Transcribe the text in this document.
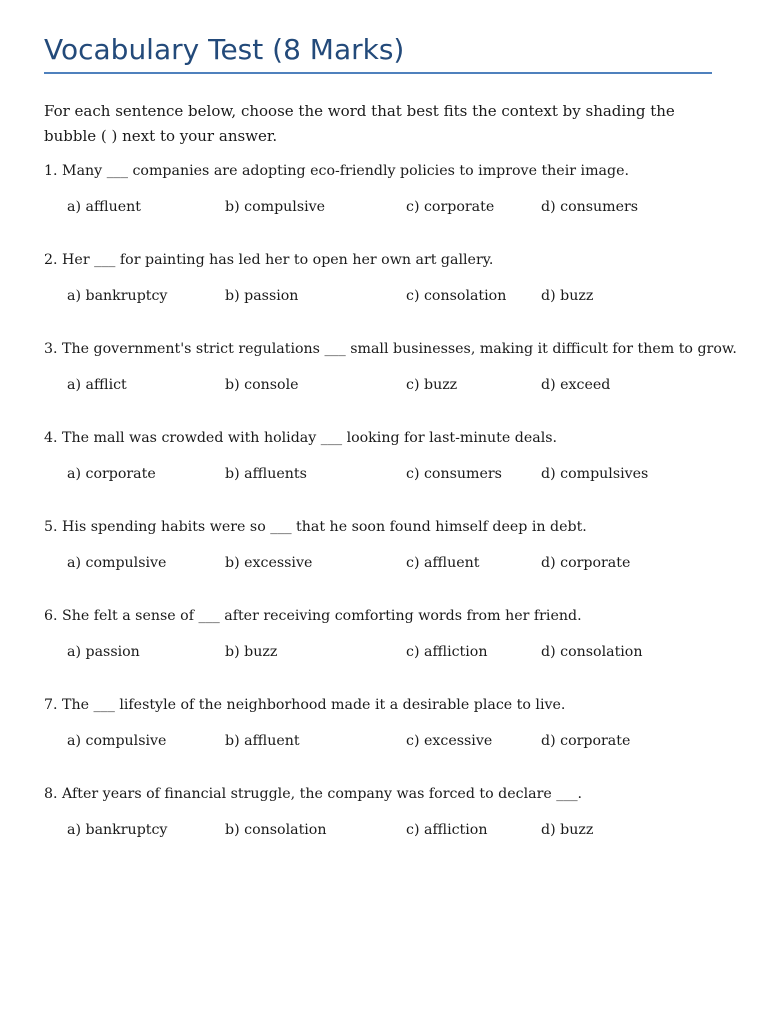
Vocabulary Test (8 Marks)

For each sentence below, choose the word that best fits the context by shading the bubble ( ) next to your answer.

1. Many ___ companies are adopting eco-friendly policies to improve their image.
a) affluent	b) compulsive	c) corporate	d) consumers
2. Her ___ for painting has led her to open her own art gallery.
a) bankruptcy	b) passion	c) consolation d) buzz
3. The government's strict regulations ___ small businesses, making it difficult for them to grow.
a) afflict	b) console	c) buzz	d) exceed
4. The mall was crowded with holiday ___ looking for last-minute deals.
a) corporate	b) affluents	c) consumers	d) compulsives
5. His spending habits were so ___ that he soon found himself deep in debt.
a) compulsive	b) excessive	c) affluent	d) corporate
6. She felt a sense of ___ after receiving comforting words from her friend.
a) passion	b) buzz	c) affliction	d) consolation
7. The ___ lifestyle of the neighborhood made it a desirable place to live.
a) compulsive	b) affluent	c) excessive	d) corporate
8. After years of financial struggle, the company was forced to declare ___.
a) bankruptcy	b) consolation	c) affliction	d) buzz
